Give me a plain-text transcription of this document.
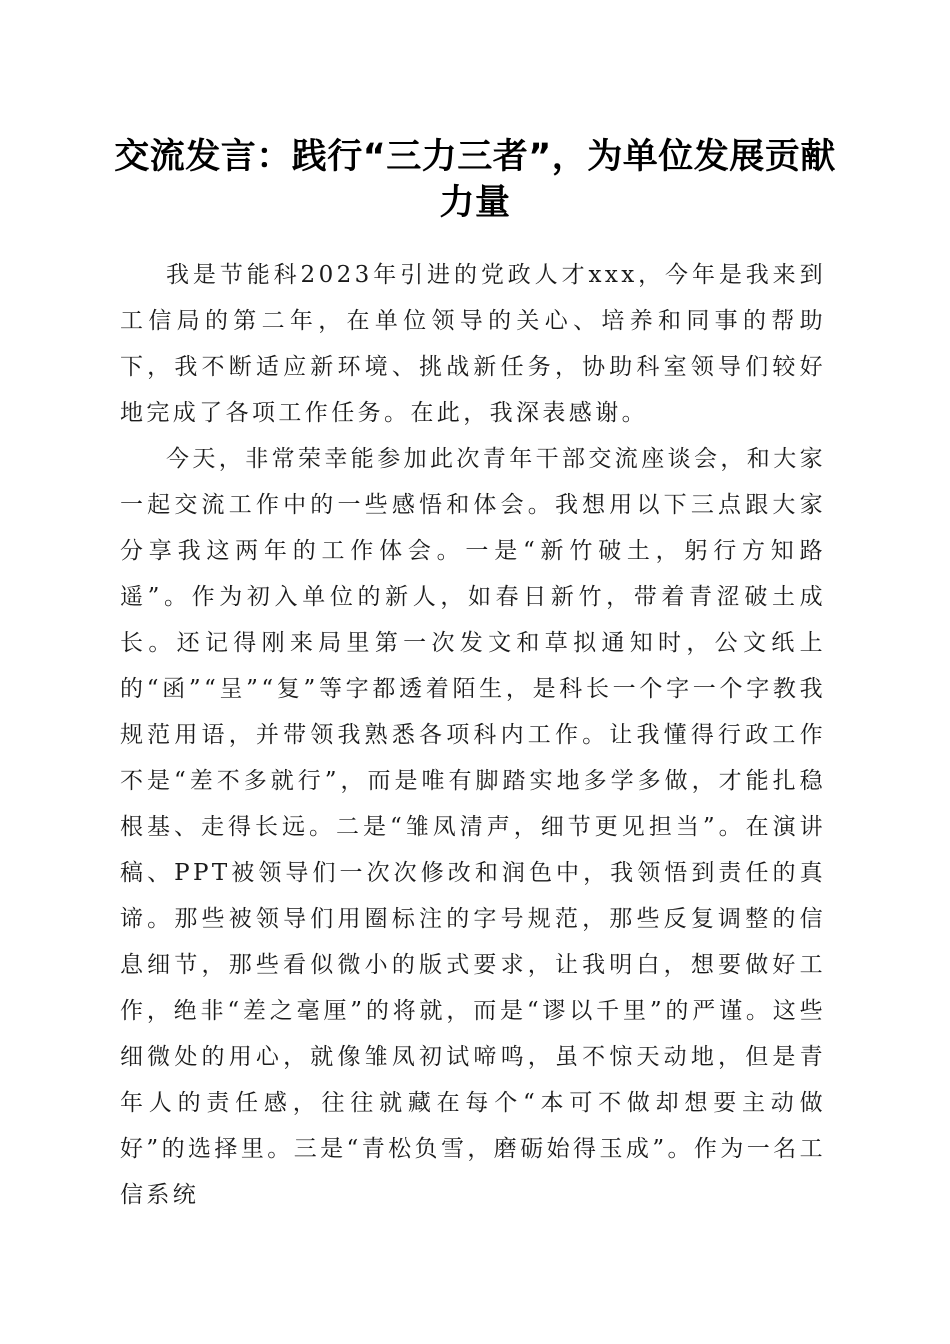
交流发言：践行“三力三者”，为单位发展贡献力量

我是节能科2023年引进的党政人才xxx，今年是我来到工信局的第二年，在单位领导的关心、培养和同事的帮助下，我不断适应新环境、挑战新任务，协助科室领导们较好地完成了各项工作任务。在此，我深表感谢。

今天，非常荣幸能参加此次青年干部交流座谈会，和大家一起交流工作中的一些感悟和体会。我想用以下三点跟大家分享我这两年的工作体会。一是“新竹破土，躬行方知路遥”。作为初入单位的新人，如春日新竹，带着青涩破土成长。还记得刚来局里第一次发文和草拟通知时，公文纸上的“函”“呈”“复”等字都透着陌生，是科长一个字一个字教我规范用语，并带领我熟悉各项科内工作。让我懂得行政工作不是“差不多就行”，而是唯有脚踏实地多学多做，才能扎稳根基、走得长远。二是“雏凤清声，细节更见担当”。在演讲稿、PPT被领导们一次次修改和润色中，我领悟到责任的真谛。那些被领导们用圈标注的字号规范，那些反复调整的信息细节，那些看似微小的版式要求，让我明白，想要做好工作，绝非“差之毫厘”的将就，而是“谬以千里”的严谨。这些细微处的用心，就像雏凤初试啼鸣，虽不惊天动地，但是青年人的责任感，往往就藏在每个“本可不做却想要主动做好”的选择里。三是“青松负雪，磨砺始得玉成”。作为一名工信系统
